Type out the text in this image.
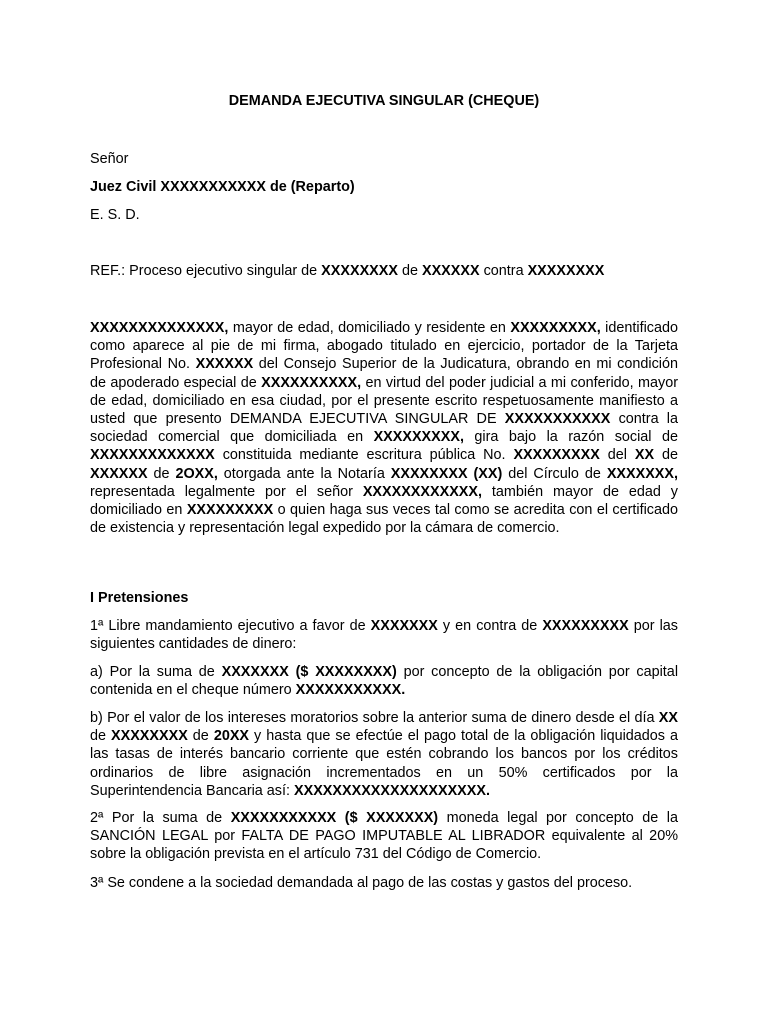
DEMANDA EJECUTIVA SINGULAR (CHEQUE)

Señor

Juez Civil XXXXXXXXXXX de (Reparto)

E. S. D.

REF.: Proceso ejecutivo singular de XXXXXXXX de XXXXXX contra XXXXXXXX

XXXXXXXXXXXXXX, mayor de edad, domiciliado y residente en XXXXXXXXX, identificado como aparece al pie de mi firma, abogado titulado en ejercicio, portador de la Tarjeta Profesional No. XXXXXX del Consejo Superior de la Judicatura, obrando en mi condición de apoderado especial de XXXXXXXXXX, en virtud del poder judicial a mi conferido, mayor de edad, domiciliado en esa ciudad, por el presente escrito respetuosamente manifiesto a usted que presento DEMANDA EJECUTIVA SINGULAR DE XXXXXXXXXXX contra la sociedad comercial que domiciliada en XXXXXXXXX, gira bajo la razón social de XXXXXXXXXXXXX constituida mediante escritura pública No. XXXXXXXXX del XX de XXXXXX de 2OXX, otorgada ante la Notaría XXXXXXXX (XX) del Círculo de XXXXXXX, representada legalmente por el señor XXXXXXXXXXXX, también mayor de edad y domiciliado en XXXXXXXXX o quien haga sus veces tal como se acredita con el certificado de existencia y representación legal expedido por la cámara de comercio.

I Pretensiones

1ª Libre mandamiento ejecutivo a favor de XXXXXXX y en contra de XXXXXXXXX por las siguientes cantidades de dinero:

a) Por la suma de XXXXXXX ($ XXXXXXXX) por concepto de la obligación por capital contenida en el cheque número XXXXXXXXXXX.

b) Por el valor de los intereses moratorios sobre la anterior suma de dinero desde el día XX de XXXXXXXX de 20XX y hasta que se efectúe el pago total de la obligación liquidados a las tasas de interés bancario corriente que estén cobrando los bancos por los créditos ordinarios de libre asignación incrementados en un 50% certificados por la Superintendencia Bancaria así: XXXXXXXXXXXXXXXXXXXX.

2ª Por la suma de XXXXXXXXXXX ($ XXXXXXX) moneda legal por concepto de la SANCIÓN LEGAL por FALTA DE PAGO IMPUTABLE AL LIBRADOR equivalente al 20% sobre la obligación prevista en el artículo 731 del Código de Comercio.

3ª Se condene a la sociedad demandada al pago de las costas y gastos del proceso.
